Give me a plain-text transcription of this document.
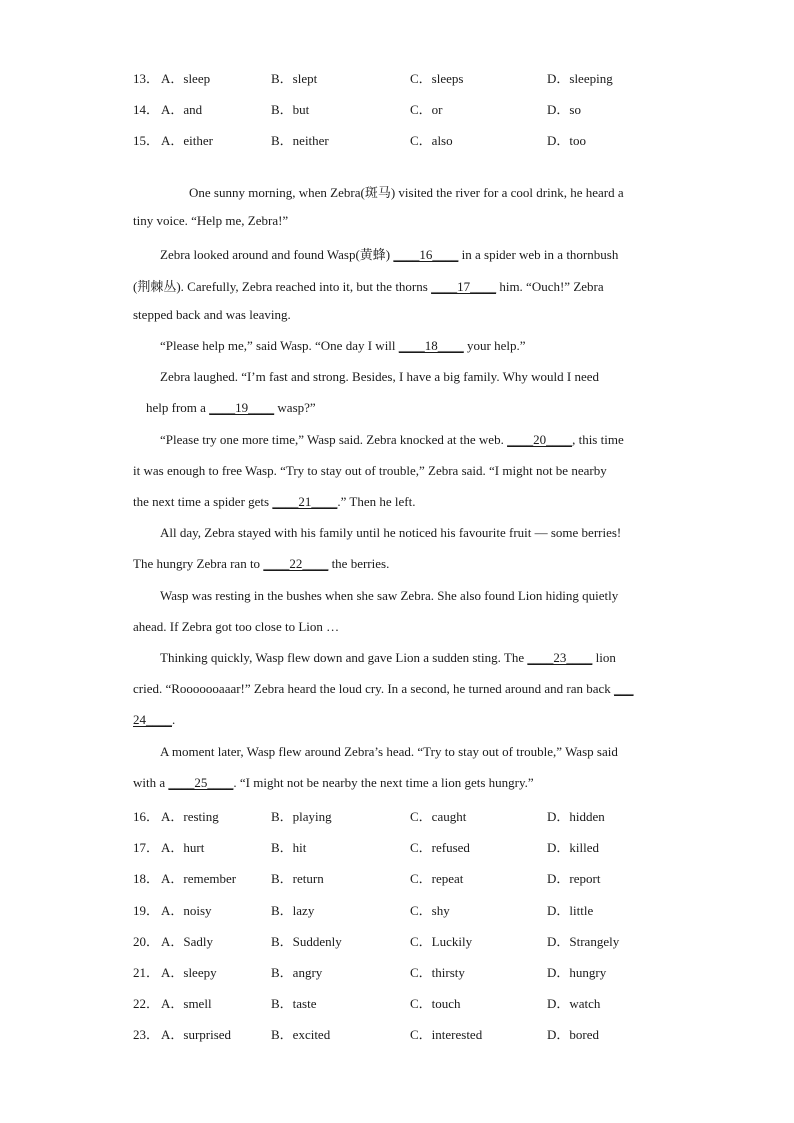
13． A．sleep	B．slept	C．sleeps	D．sleeping
14． A．and	B．but	C．or	D．so
15． A．either	B．neither	C．also	D．too
One sunny morning, when Zebra(斑马) visited the river for a cool drink, he heard a
tiny voice. “Help me, Zebra!”
Zebra looked around and found Wasp(黄蜂) ____16____ in a spider web in a thornbush
(荆棘丛). Carefully, Zebra reached into it, but the thorns ____17____ him. “Ouch!” Zebra
stepped back and was leaving.
“Please help me,” said Wasp. “One day I will ____18____ your help.”
Zebra laughed. “I’m fast and strong. Besides, I have a big family. Why would I need
help from a ____19____ wasp?”
“Please try one more time,” Wasp said. Zebra knocked at the web. ____20____, this time
it was enough to free Wasp. “Try to stay out of trouble,” Zebra said. “I might not be nearby
the next time a spider gets ____21____.” Then he left.
All day, Zebra stayed with his family until he noticed his favourite fruit — some berries!
The hungry Zebra ran to ____22____ the berries.
Wasp was resting in the bushes when she saw Zebra. She also found Lion hiding quietly
ahead. If Zebra got too close to Lion …
Thinking quickly, Wasp flew down and gave Lion a sudden sting. The ____23____ lion
cried. “Rooooooaaar!” Zebra heard the loud cry. In a second, he turned around and ran back ___
24____.
A moment later, Wasp flew around Zebra’s head. “Try to stay out of trouble,” Wasp said
with a ____25____. “I might not be nearby the next time a lion gets hungry.”
16． A．resting	B．playing	C．caught	D．hidden
17． A．hurt	B．hit	C．refused	D．killed
18． A．remember	B．return	C．repeat	D．report
19． A．noisy	B．lazy	C．shy	D．little
20． A．Sadly	B．Suddenly	C．Luckily	D．Strangely
21． A．sleepy	B．angry	C．thirsty	D．hungry
22． A．smell	B．taste	C．touch	D．watch
23． A．surprised	B．excited	C．interested	D．bored
